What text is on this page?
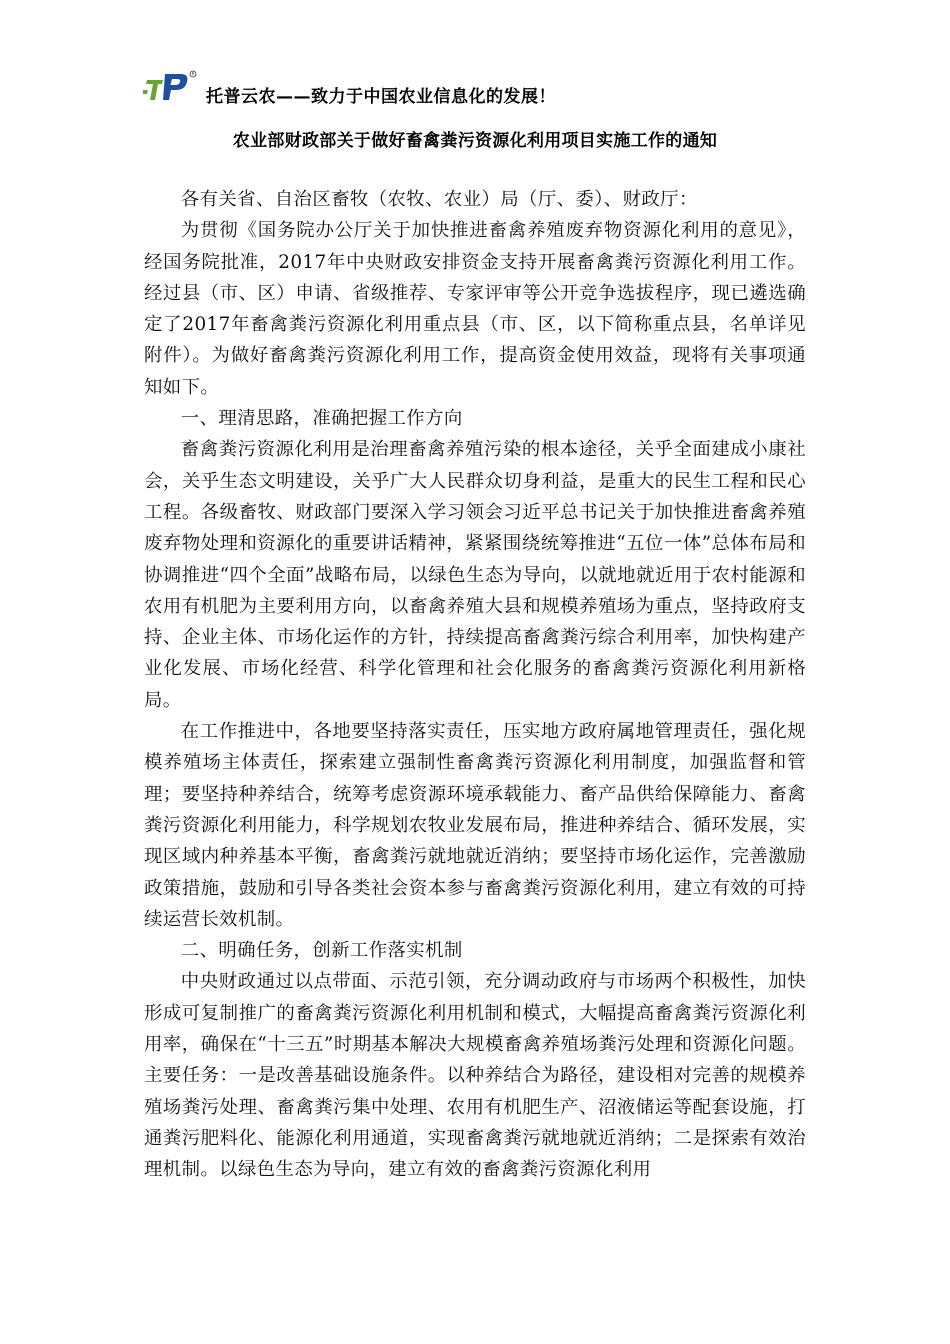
R
托普云农——致力于中国农业信息化的发展！
农业部财政部关于做好畜禽粪污资源化利用项目实施工作的通知

各有关省、自治区畜牧（农牧、农业）局（厅、委）、财政厅：

为贯彻《国务院办公厅关于加快推进畜禽养殖废弃物资源化利用的意见》，经国务院批准，2017年中央财政安排资金支持开展畜禽粪污资源化利用工作。经过县（市、区）申请、省级推荐、专家评审等公开竞争选拔程序，现已遴选确定了2017年畜禽粪污资源化利用重点县（市、区，以下简称重点县，名单详见附件）。为做好畜禽粪污资源化利用工作，提高资金使用效益，现将有关事项通知如下。

一、理清思路，准确把握工作方向

畜禽粪污资源化利用是治理畜禽养殖污染的根本途径，关乎全面建成小康社会，关乎生态文明建设，关乎广大人民群众切身利益，是重大的民生工程和民心工程。各级畜牧、财政部门要深入学习领会习近平总书记关于加快推进畜禽养殖废弃物处理和资源化的重要讲话精神，紧紧围绕统筹推进“五位一体”总体布局和协调推进“四个全面”战略布局，以绿色生态为导向，以就地就近用于农村能源和农用有机肥为主要利用方向，以畜禽养殖大县和规模养殖场为重点，坚持政府支持、企业主体、市场化运作的方针，持续提高畜禽粪污综合利用率，加快构建产业化发展、市场化经营、科学化管理和社会化服务的畜禽粪污资源化利用新格局。

在工作推进中，各地要坚持落实责任，压实地方政府属地管理责任，强化规模养殖场主体责任，探索建立强制性畜禽粪污资源化利用制度，加强监督和管理；要坚持种养结合，统筹考虑资源环境承载能力、畜产品供给保障能力、畜禽粪污资源化利用能力，科学规划农牧业发展布局，推进种养结合、循环发展，实现区域内种养基本平衡，畜禽粪污就地就近消纳；要坚持市场化运作，完善激励政策措施，鼓励和引导各类社会资本参与畜禽粪污资源化利用，建立有效的可持续运营长效机制。

二、明确任务，创新工作落实机制

中央财政通过以点带面、示范引领，充分调动政府与市场两个积极性，加快形成可复制推广的畜禽粪污资源化利用机制和模式，大幅提高畜禽粪污资源化利用率，确保在“十三五”时期基本解决大规模畜禽养殖场粪污处理和资源化问题。主要任务：一是改善基础设施条件。以种养结合为路径，建设相对完善的规模养殖场粪污处理、畜禽粪污集中处理、农用有机肥生产、沼液储运等配套设施，打通粪污肥料化、能源化利用通道，实现畜禽粪污就地就近消纳；二是探索有效治理机制。以绿色生态为导向，建立有效的畜禽粪污资源化利用
